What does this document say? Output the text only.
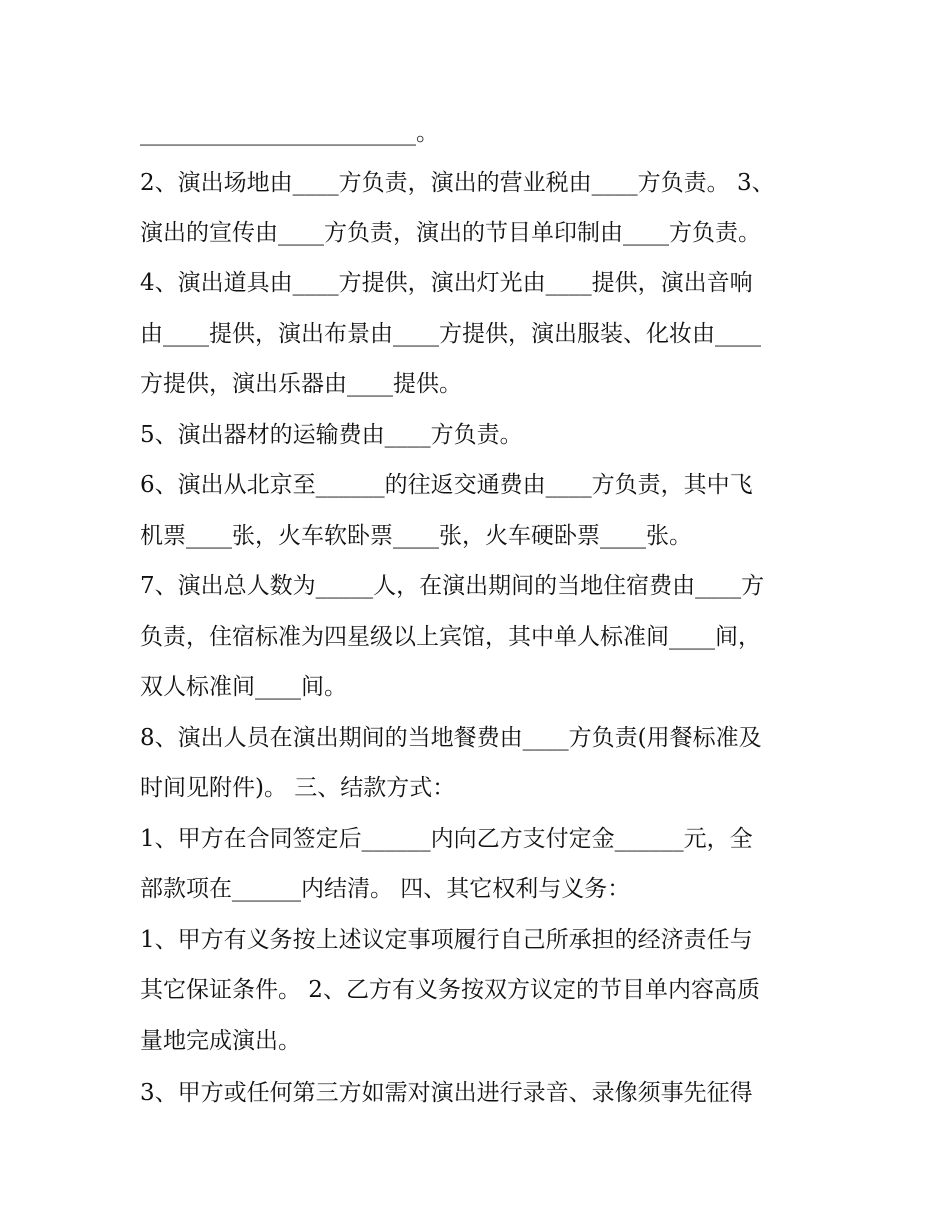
________________________。
2、演出场地由____方负责，演出的营业税由____方负责。 3、
演出的宣传由____方负责，演出的节目单印制由____方负责。
4、演出道具由____方提供，演出灯光由____提供，演出音响
由____提供，演出布景由____方提供，演出服装、化妆由____
方提供，演出乐器由____提供。
5、演出器材的运输费由____方负责。
6、演出从北京至______的往返交通费由____方负责，其中飞
机票____张，火车软卧票____张，火车硬卧票____张。
7、演出总人数为_____人，在演出期间的当地住宿费由____方
负责，住宿标准为四星级以上宾馆，其中单人标准间____间，
双人标准间____间。
8、演出人员在演出期间的当地餐费由____方负责(用餐标准及
时间见附件)。 三、结款方式：
1、甲方在合同签定后______内向乙方支付定金______元，全
部款项在______内结清。 四、其它权利与义务：
1、甲方有义务按上述议定事项履行自己所承担的经济责任与
其它保证条件。 2、乙方有义务按双方议定的节目单内容高质
量地完成演出。
3、甲方或任何第三方如需对演出进行录音、录像须事先征得
